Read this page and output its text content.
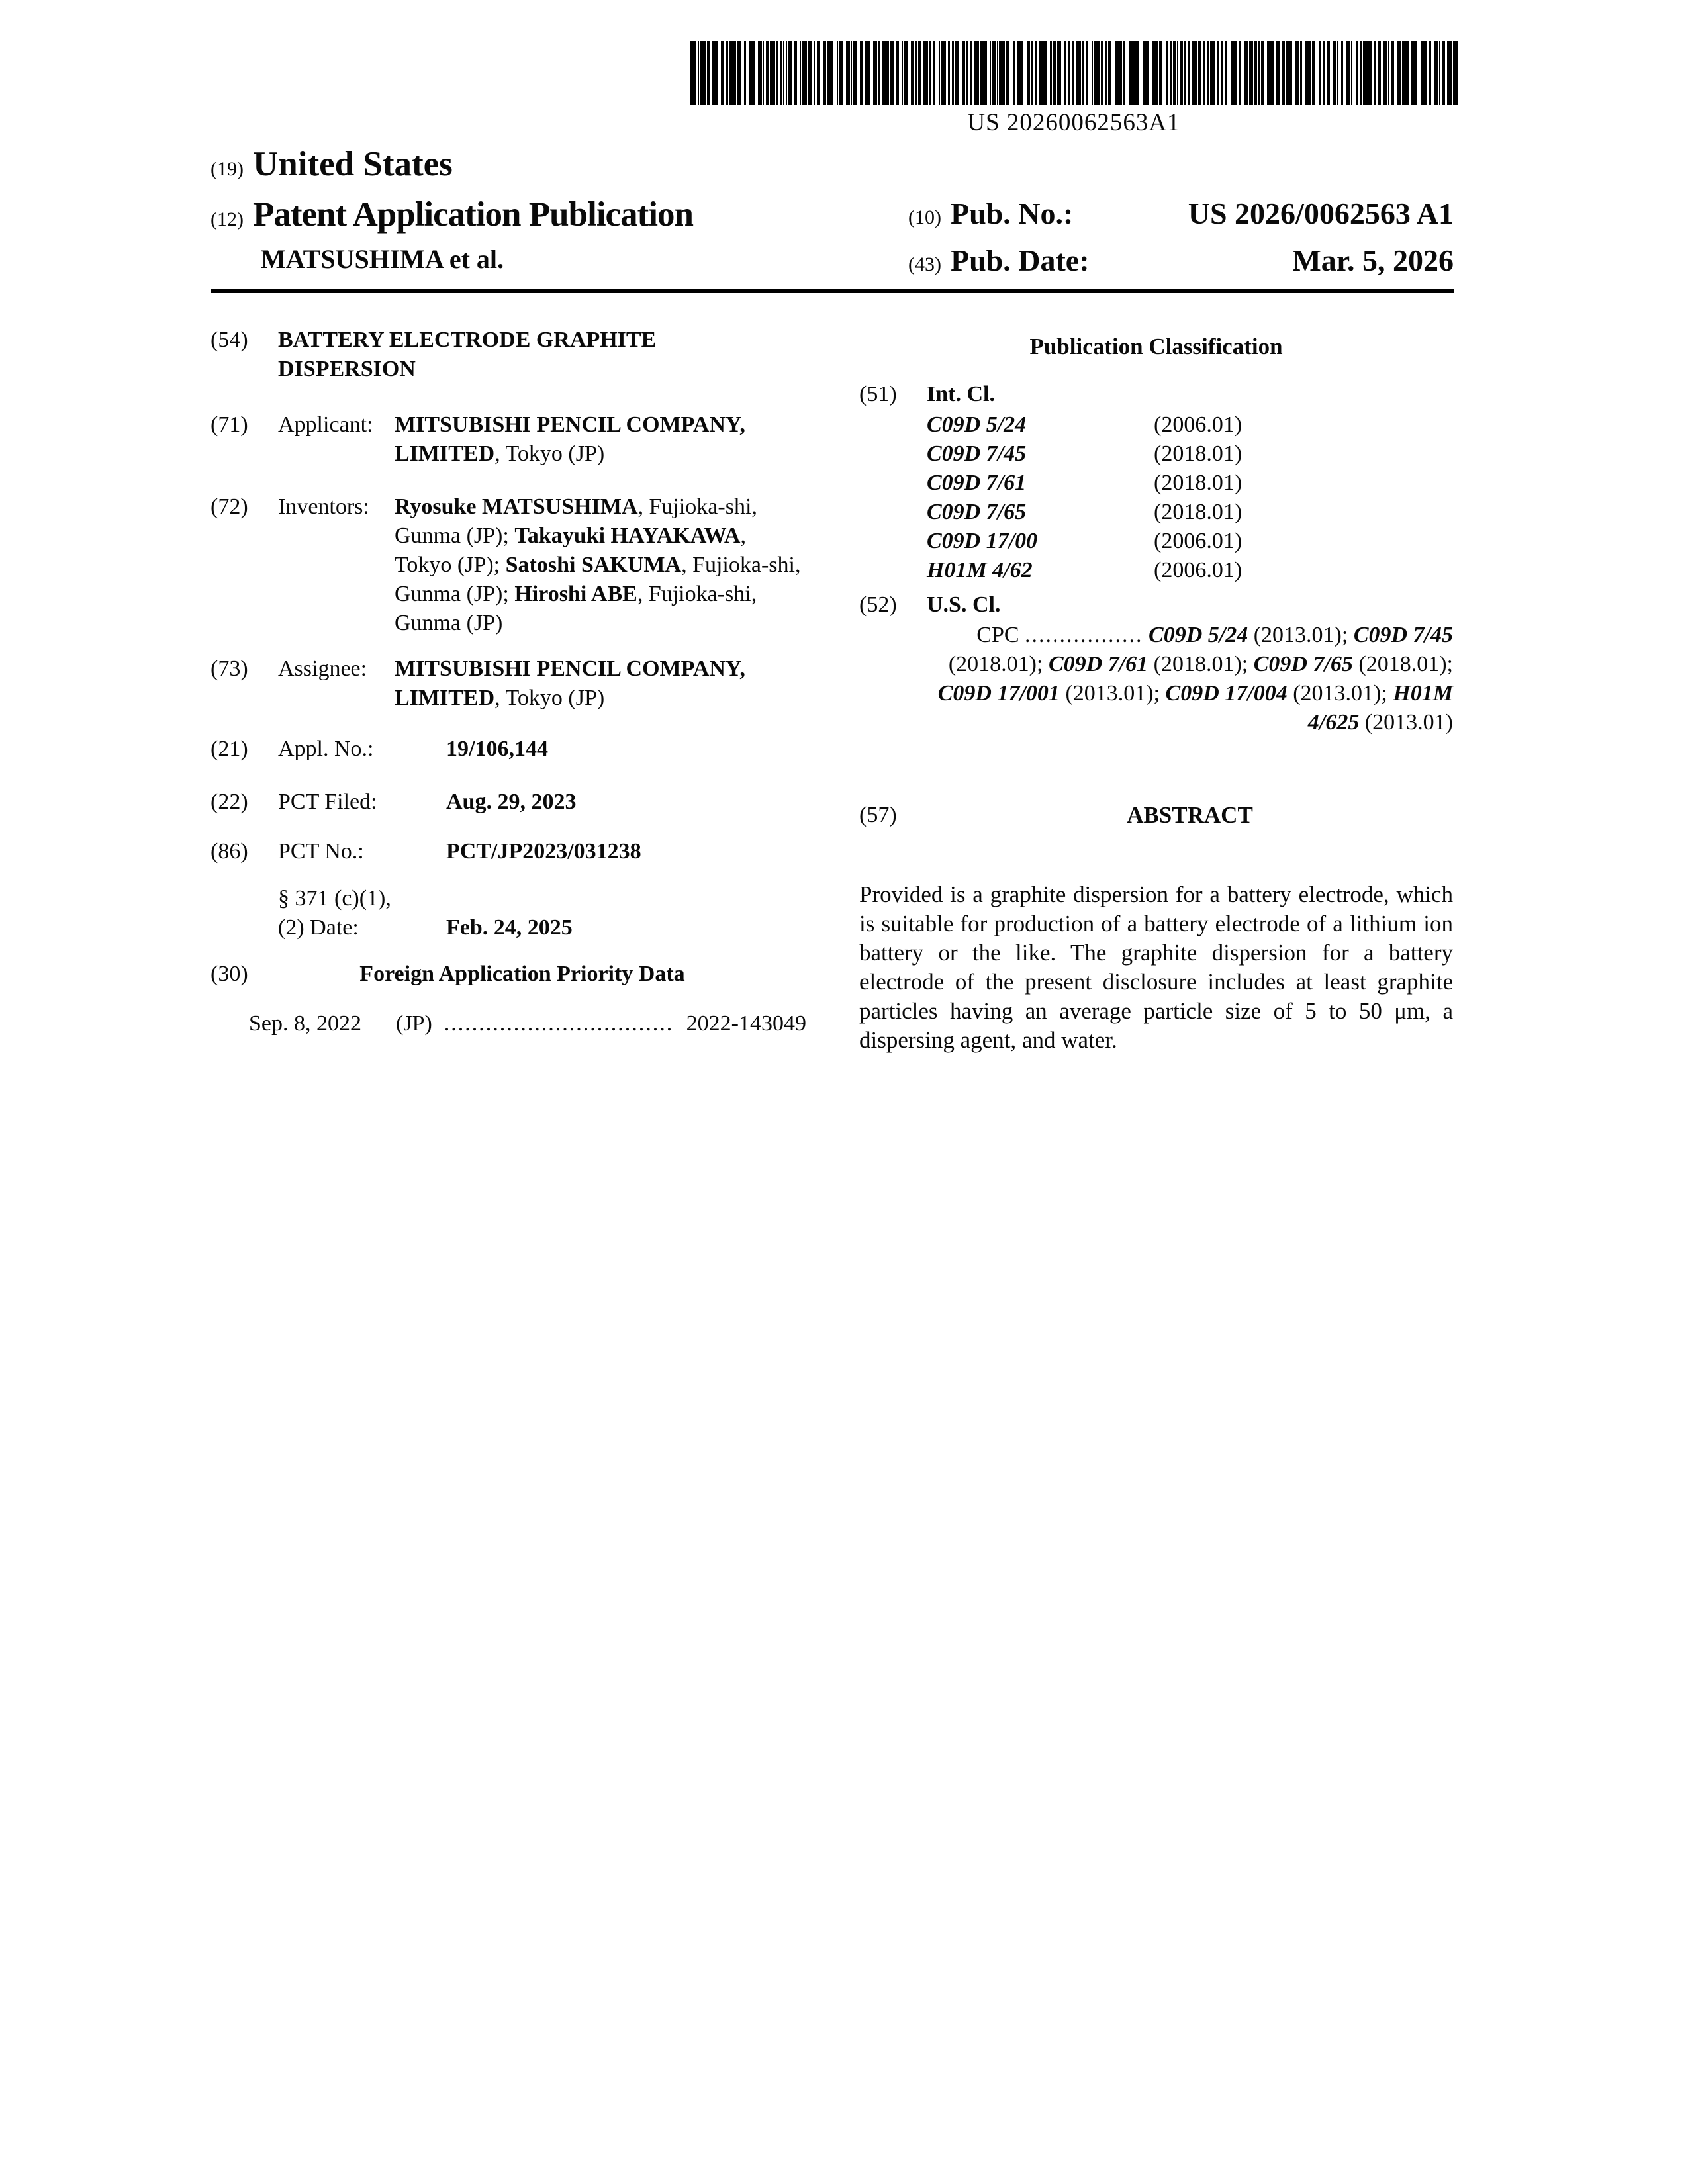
US 20260062563A1
(19) United States
(12) Patent Application Publication
MATSUSHIMA et al.
(10) Pub. No.:	US 2026/0062563 A1
(43) Pub. Date:	Mar. 5, 2026
(54)	BATTERY ELECTRODE GRAPHITE DISPERSION
(71)	Applicant: MITSUBISHI PENCIL COMPANY, LIMITED, Tokyo (JP)
(72)	Inventors:	Ryosuke MATSUSHIMA, Fujioka-shi, Gunma (JP); Takayuki HAYAKAWA, Tokyo (JP); Satoshi SAKUMA, Fujioka-shi, Gunma (JP); Hiroshi ABE, Fujioka-shi, Gunma (JP)
(73)	Assignee:	MITSUBISHI PENCIL COMPANY, LIMITED, Tokyo (JP)
(21)	Appl. No.:	19/106,144
(22)	PCT Filed:	Aug. 29, 2023
(86)	PCT No.:	PCT/JP2023/031238
§ 371 (c)(1),
(2) Date:	Feb. 24, 2025
(30)	Foreign Application Priority Data
Sep. 8, 2022 (JP) ................................. 2022-143049
Publication Classification
(51)	Int. Cl.
C09D 5/24	(2006.01)
C09D 7/45	(2018.01)
C09D 7/61	(2018.01)
C09D 7/65	(2018.01)
C09D 17/00	(2006.01)
H01M 4/62	(2006.01)
(52)	U.S. Cl.
CPC ................. C09D 5/24 (2013.01); C09D 7/45 (2018.01); C09D 7/61 (2018.01); C09D 7/65 (2018.01); C09D 17/001 (2013.01); C09D 17/004 (2013.01); H01M 4/625 (2013.01)
(57)	ABSTRACT
Provided is a graphite dispersion for a battery electrode, which is suitable for production of a battery electrode of a lithium ion battery or the like. The graphite dispersion for a battery electrode of the present disclosure includes at least graphite particles having an average particle size of 5 to 50 μm, a dispersing agent, and water.
